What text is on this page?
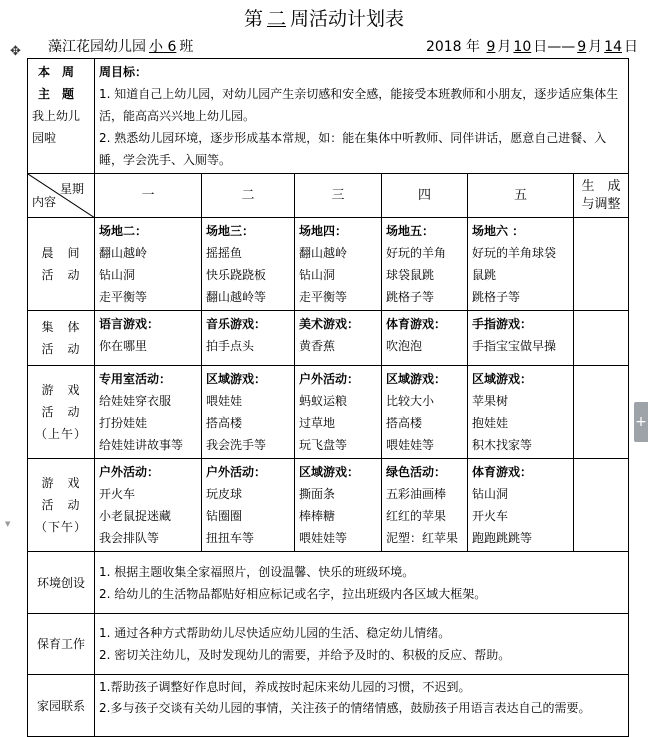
第 二 周活动计划表
✥ 藻江花园幼儿园 小 6 班	2018 年 9 月 10 日—— 9 月 14 日
本　周
主　题
我上幼儿园啦	周目标：
1. 知道自己上幼儿园，对幼儿园产生亲切感和安全感，能接受本班教师和小朋友，逐步适应集体生活，能高高兴兴地上幼儿园。
2. 熟悉幼儿园环境，逐步形成基本常规，如：能在集体中听教师、同伴讲话，愿意自己进餐、入睡，学会洗手、入厕等。					

星期
内容	一	二	三	四	五	生　成
与调整

晨　间
活　动	场地二：
翻山越岭
钻山洞
走平衡等	场地三：
摇摇鱼
快乐跷跷板
翻山越岭等	场地四：
翻山越岭
钻山洞
走平衡等	场地五：
好玩的羊角
球袋鼠跳
跳格子等	场地六 ：
好玩的羊角球袋
鼠跳
跳格子等	

集　体
活　动	语言游戏：
你在哪里	音乐游戏：
拍手点头	美术游戏：
黄香蕉	体育游戏：
吹泡泡	手指游戏：
手指宝宝做早操	

游　戏
活　动
（上午）	专用室活动：
给娃娃穿衣服
打扮娃娃
给娃娃讲故事等	区域游戏：
喂娃娃
搭高楼
我会洗手等	户外活动：
蚂蚁运粮
过草地
玩飞盘等	区域游戏：
比较大小
搭高楼
喂娃娃等	区域游戏：
苹果树
抱娃娃
积木找家等	

游　戏
活　动
（下午）	户外活动：
开火车
小老鼠捉迷藏
我会排队等	户外活动：
玩皮球
钻圈圈
扭扭车等	区域游戏：
撕面条
棒棒糖
喂娃娃等	绿色活动：
五彩油画棒
红红的苹果
泥塑：红苹果	体育游戏：
钻山洞
开火车
跑跑跳跳等	

环境创设	1. 根据主题收集全家福照片，创设温馨、快乐的班级环境。
2. 给幼儿的生活物品都贴好相应标记或名字，拉出班级内各区域大框架。					

保育工作	1. 通过各种方式帮助幼儿尽快适应幼儿园的生活、稳定幼儿情绪。
2. 密切关注幼儿，及时发现幼儿的需要，并给予及时的、积极的反应、帮助。					

家园联系	1.帮助孩子调整好作息时间，养成按时起床来幼儿园的习惯，不迟到。
2.多与孩子交谈有关幼儿园的事情，关注孩子的情绪情感，鼓励孩子用语言表达自己的需要。					
+
▼
